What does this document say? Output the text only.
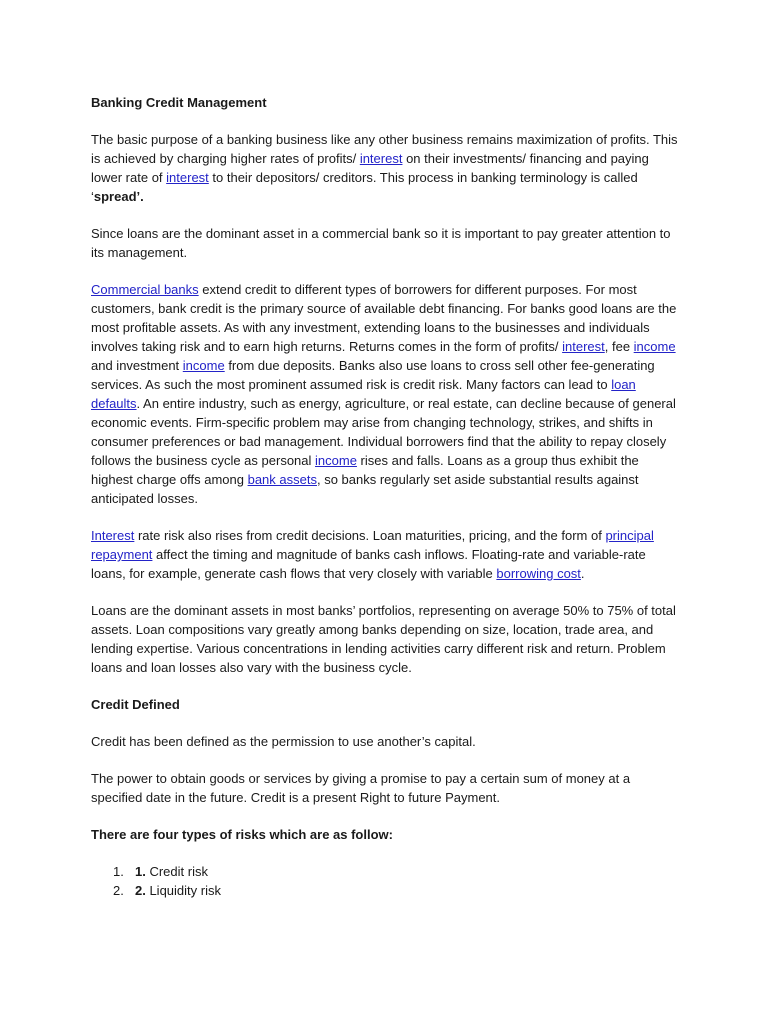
Banking Credit Management

The basic purpose of a banking business like any other business remains maximization of profits. This is achieved by charging higher rates of profits/ interest on their investments/ financing and paying lower rate of interest to their depositors/ creditors. This process in banking terminology is called ‘spread’.

Since loans are the dominant asset in a commercial bank so it is important to pay greater attention to its management.

Commercial banks extend credit to different types of borrowers for different purposes. For most customers, bank credit is the primary source of available debt financing. For banks good loans are the most profitable assets. As with any investment, extending loans to the businesses and individuals involves taking risk and to earn high returns. Returns comes in the form of profits/ interest, fee income and investment income from due deposits. Banks also use loans to cross sell other fee-generating services. As such the most prominent assumed risk is credit risk. Many factors can lead to loan defaults. An entire industry, such as energy, agriculture, or real estate, can decline because of general economic events. Firm-specific problem may arise from changing technology, strikes, and shifts in consumer preferences or bad management. Individual borrowers find that the ability to repay closely follows the business cycle as personal income rises and falls. Loans as a group thus exhibit the highest charge offs among bank assets, so banks regularly set aside substantial results against anticipated losses.

Interest rate risk also rises from credit decisions. Loan maturities, pricing, and the form of principal repayment affect the timing and magnitude of banks cash inflows. Floating-rate and variable-rate loans, for example, generate cash flows that very closely with variable borrowing cost.

Loans are the dominant assets in most banks’ portfolios, representing on average 50% to 75% of total assets. Loan compositions vary greatly among banks depending on size, location, trade area, and lending expertise. Various concentrations in lending activities carry different risk and return. Problem loans and loan losses also vary with the business cycle.

Credit Defined

Credit has been defined as the permission to use another’s capital.

The power to obtain goods or services by giving a promise to pay a certain sum of money at a specified date in the future. Credit is a present Right to future Payment.

There are four types of risks which are as follow:

1. 1. Credit risk
2. 2. Liquidity risk
